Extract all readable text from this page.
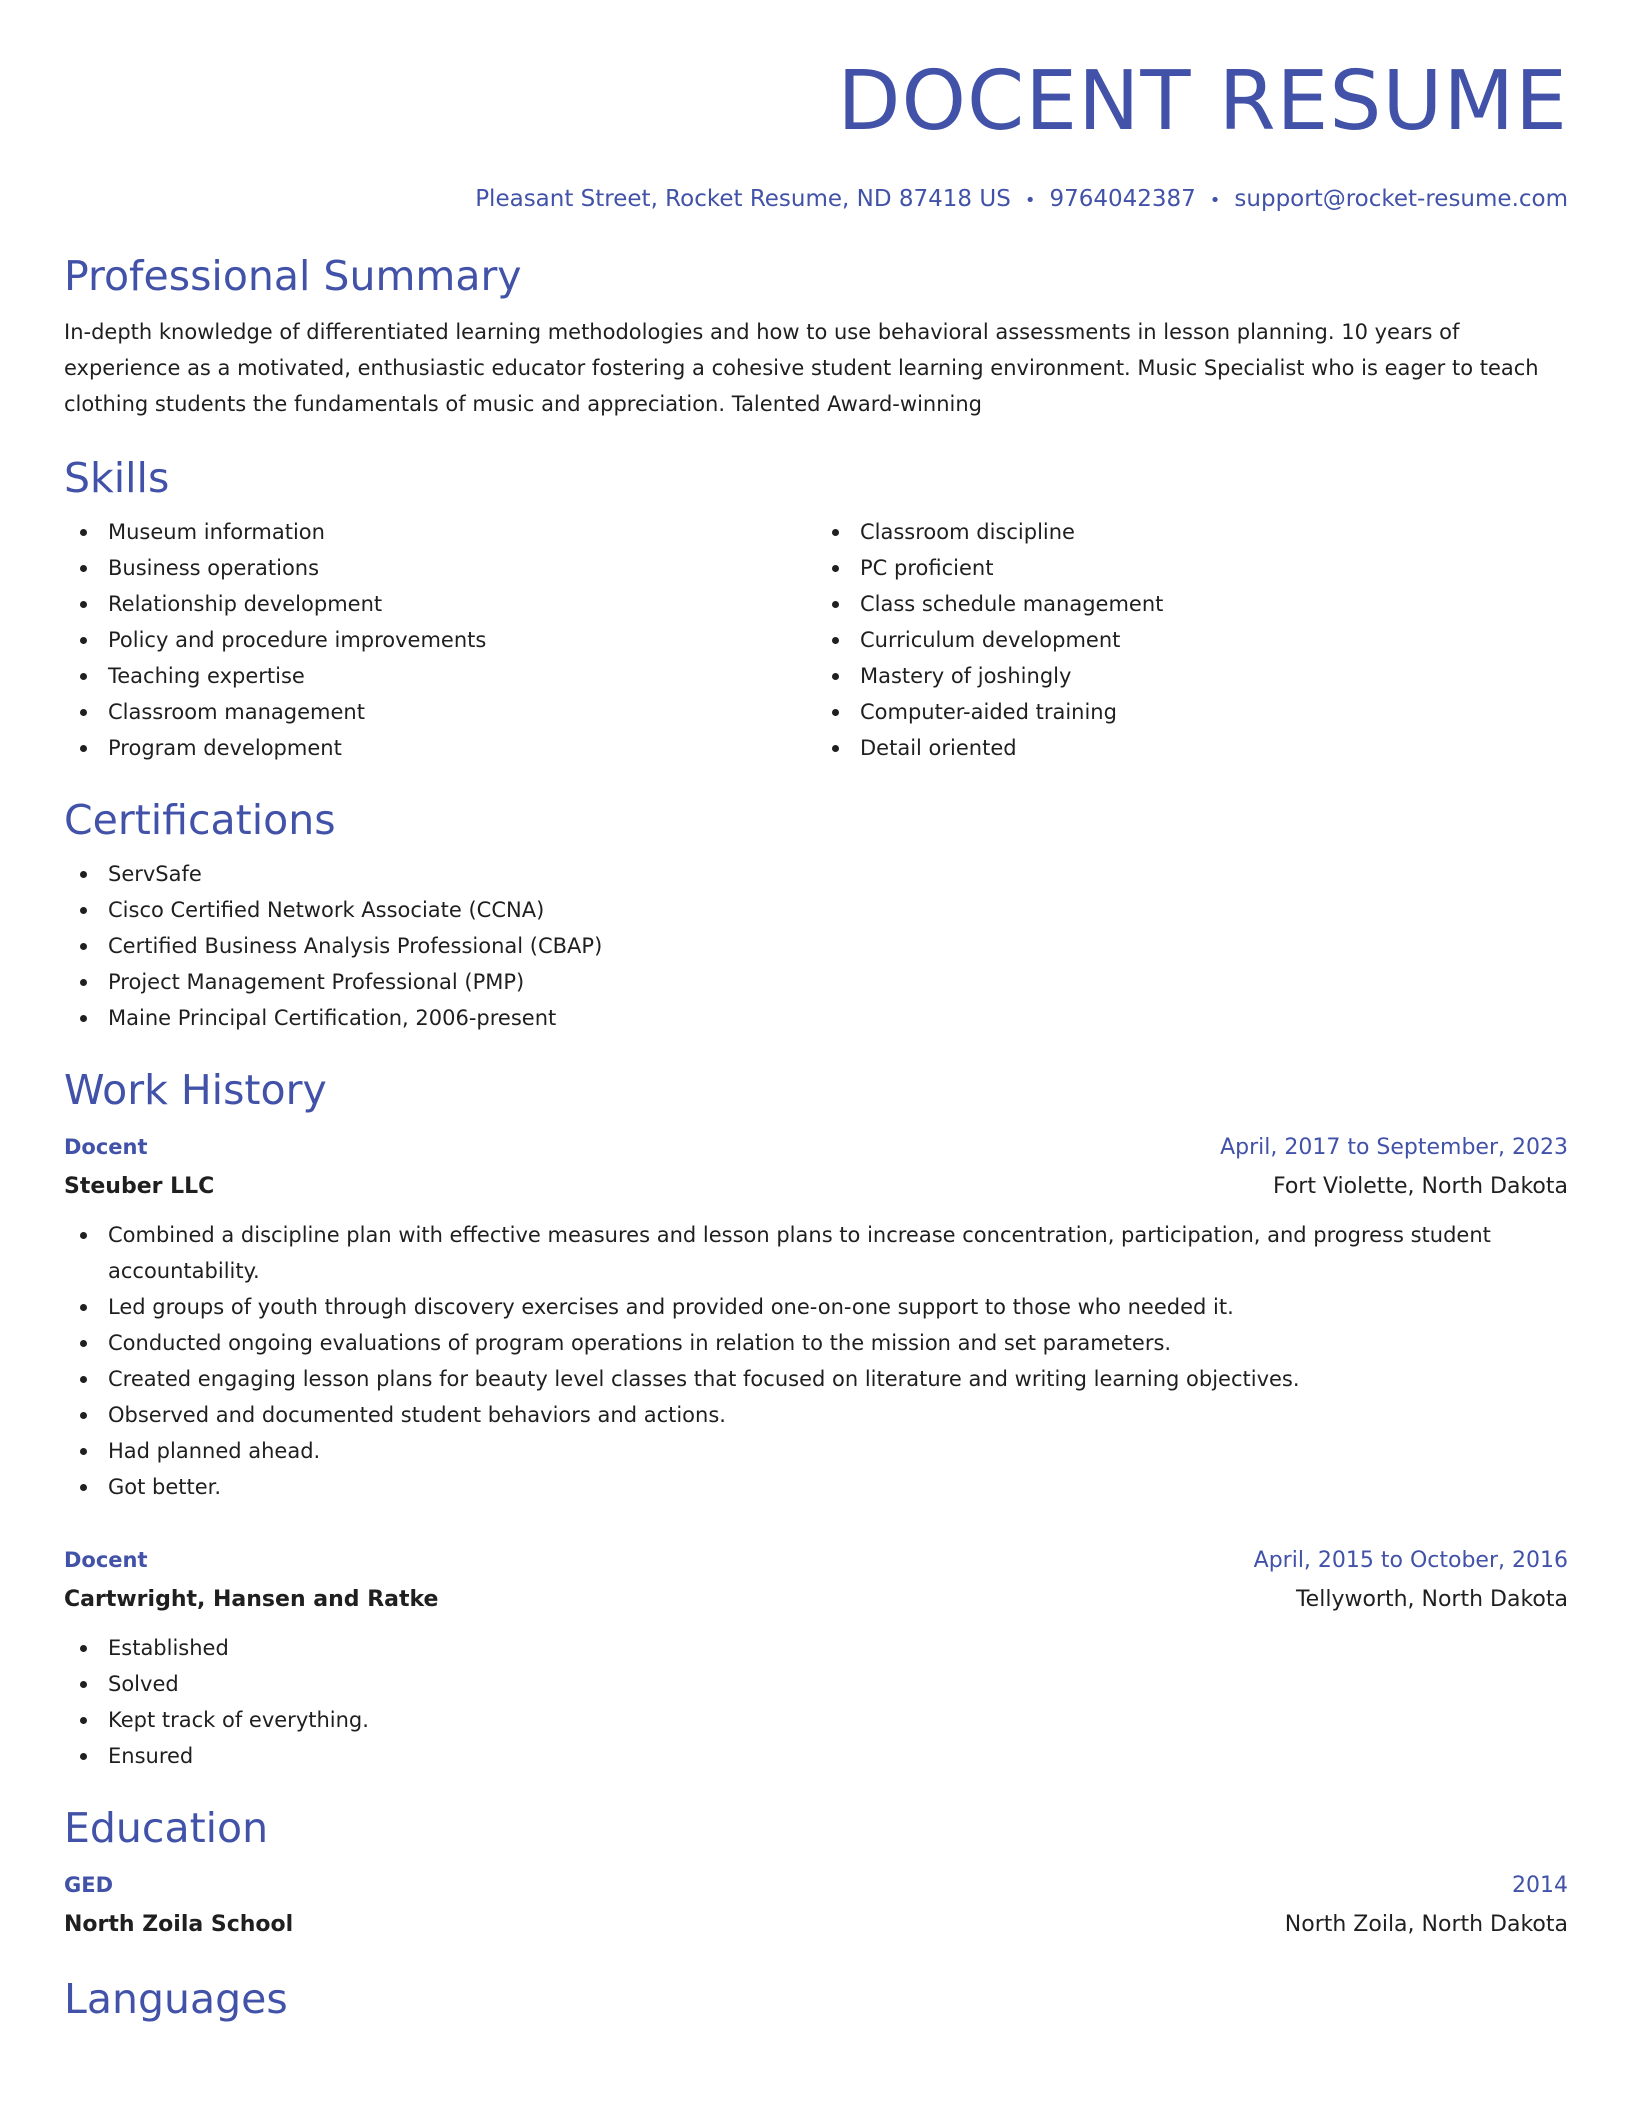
DOCENT RESUME
Pleasant Street, Rocket Resume, ND 87418 US • 9764042387 • support@rocket-resume.com
Professional Summary
In-depth knowledge of differentiated learning methodologies and how to use behavioral assessments in lesson planning. 10 years of experience as a motivated, enthusiastic educator fostering a cohesive student learning environment. Music Specialist who is eager to teach clothing students the fundamentals of music and appreciation. Talented Award-winning
Skills
Museum information
Business operations
Relationship development
Policy and procedure improvements
Teaching expertise
Classroom management
Program development
Classroom discipline
PC proficient
Class schedule management
Curriculum development
Mastery of joshingly
Computer-aided training
Detail oriented
Certifications
ServSafe
Cisco Certified Network Associate (CCNA)
Certified Business Analysis Professional (CBAP)
Project Management Professional (PMP)
Maine Principal Certification, 2006-present
Work History
Docent	April, 2017 to September, 2023
Steuber LLC	Fort Violette, North Dakota
Combined a discipline plan with effective measures and lesson plans to increase concentration, participation, and progress student accountability.
Led groups of youth through discovery exercises and provided one-on-one support to those who needed it.
Conducted ongoing evaluations of program operations in relation to the mission and set parameters.
Created engaging lesson plans for beauty level classes that focused on literature and writing learning objectives.
Observed and documented student behaviors and actions.
Had planned ahead.
Got better.
Docent	April, 2015 to October, 2016
Cartwright, Hansen and Ratke	Tellyworth, North Dakota
Established
Solved
Kept track of everything.
Ensured
Education
GED	2014
North Zoila School	North Zoila, North Dakota
Languages
